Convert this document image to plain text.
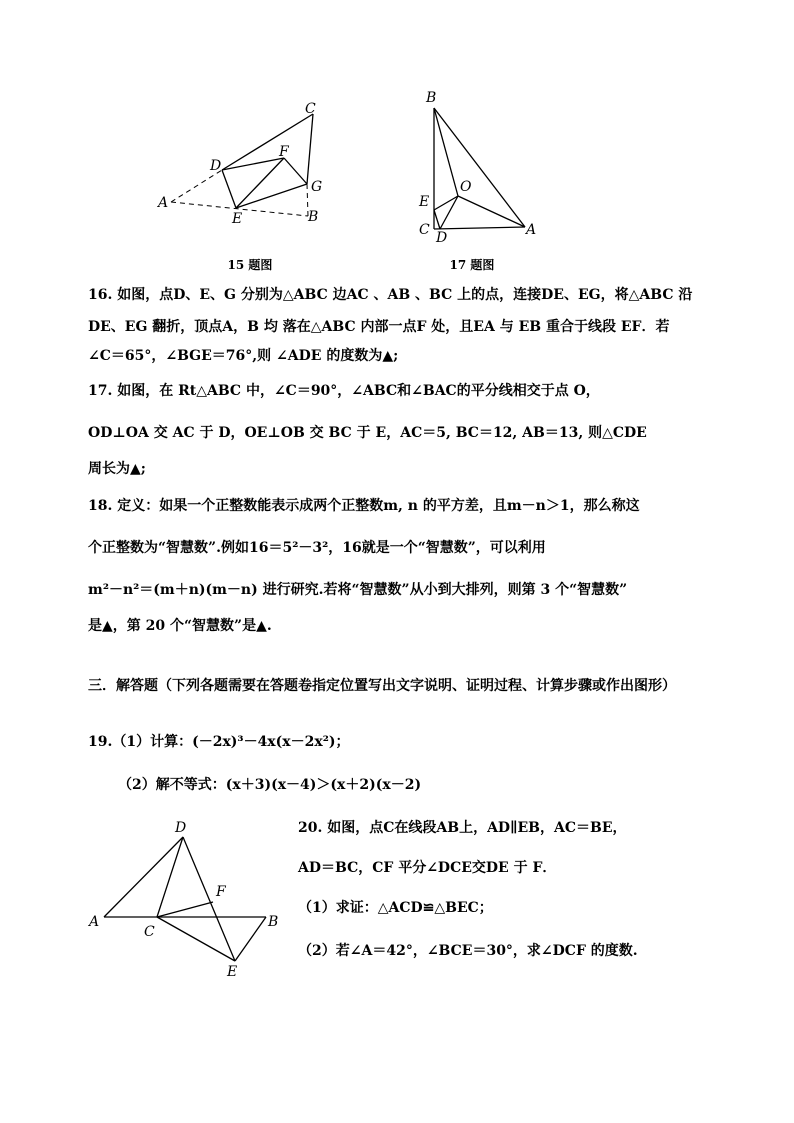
C
D
F
G
A
E	B
15 题图
B
O
E
C D	A
17 题图
16. 如图，点D、E、G 分别为△ABC 边AC 、AB 、BC 上的点，连接DE、EG，将△ABC 沿
DE、EG 翻折，顶点A，B 均 落在△ABC 内部一点F 处，且EA 与 EB 重合于线段 EF．若
∠C＝65°，∠BGE＝76°,则 ∠ADE 的度数为▲;
17. 如图，在 Rt△ABC 中，∠C＝90°，∠ABC和∠BAC的平分线相交于点 O，
OD⊥OA 交 AC 于 D，OE⊥OB 交 BC 于 E，AC＝5, BC＝12, AB＝13, 则△CDE
周长为▲;
18. 定义：如果一个正整数能表示成两个正整数m, n 的平方差，且m－n＞1，那么称这
个正整数为“智慧数”.例如16＝5²－3²，16就是一个“智慧数”，可以利用
m²－n²＝(m＋n)(m－n) 进行研究.若将“智慧数”从小到大排列，则第 3 个“智慧数”
是▲，第 20 个“智慧数”是▲.
三．解答题（下列各题需要在答题卷指定位置写出文字说明、证明过程、计算步骤或作出图形）
19.（1）计算：(－2x)³－4x(x－2x²)；
（2）解不等式：(x＋3)(x－4)＞(x＋2)(x－2)
D
F
A
C
B
E
20. 如图，点C在线段AB上，AD∥EB，AC＝BE，
AD＝BC，CF 平分∠DCE交DE 于 F．
（1）求证：△ACD≌△BEC；
（2）若∠A＝42°，∠BCE＝30°，求∠DCF 的度数.
